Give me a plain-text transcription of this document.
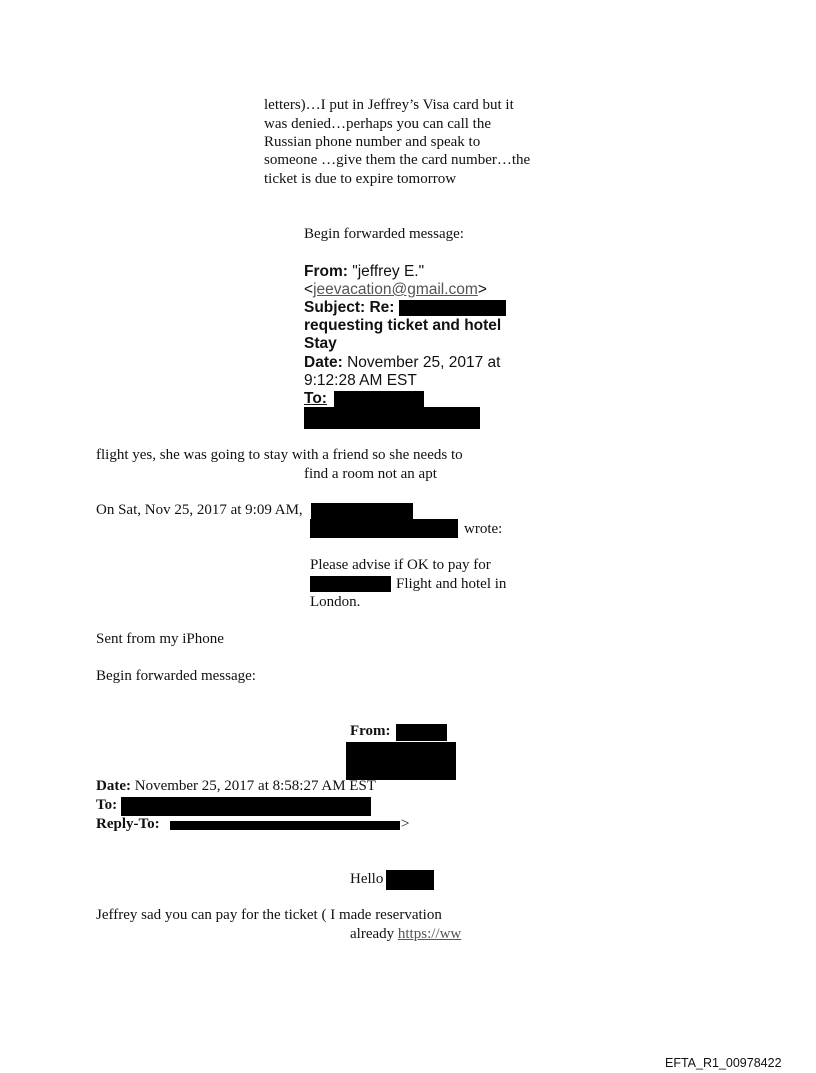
letters)…I put in Jeffrey’s Visa card but it
was denied…perhaps you can call the
Russian phone number and speak to
someone …give them the card number…the
ticket is due to expire tomorrow
Begin forwarded message:
From: "jeffrey E."
<jeevacation@gmail.com>
Subject: Re:
requesting ticket and hotel
Stay
Date: November 25, 2017 at
9:12:28 AM EST
To:
flight yes, she was going to stay with a friend so she needs to
find a room not an apt
On Sat, Nov 25, 2017 at 9:09 AM,
wrote:
Please advise if OK to pay for
Flight and hotel in
London.
Sent from my iPhone
Begin forwarded message:
From:
Date: November 25, 2017 at 8:58:27 AM EST
To:
Reply-To:	>
Hello
Jeffrey sad you can pay for the ticket ( I made reservation
already https://ww
EFTA_R1_00978422
